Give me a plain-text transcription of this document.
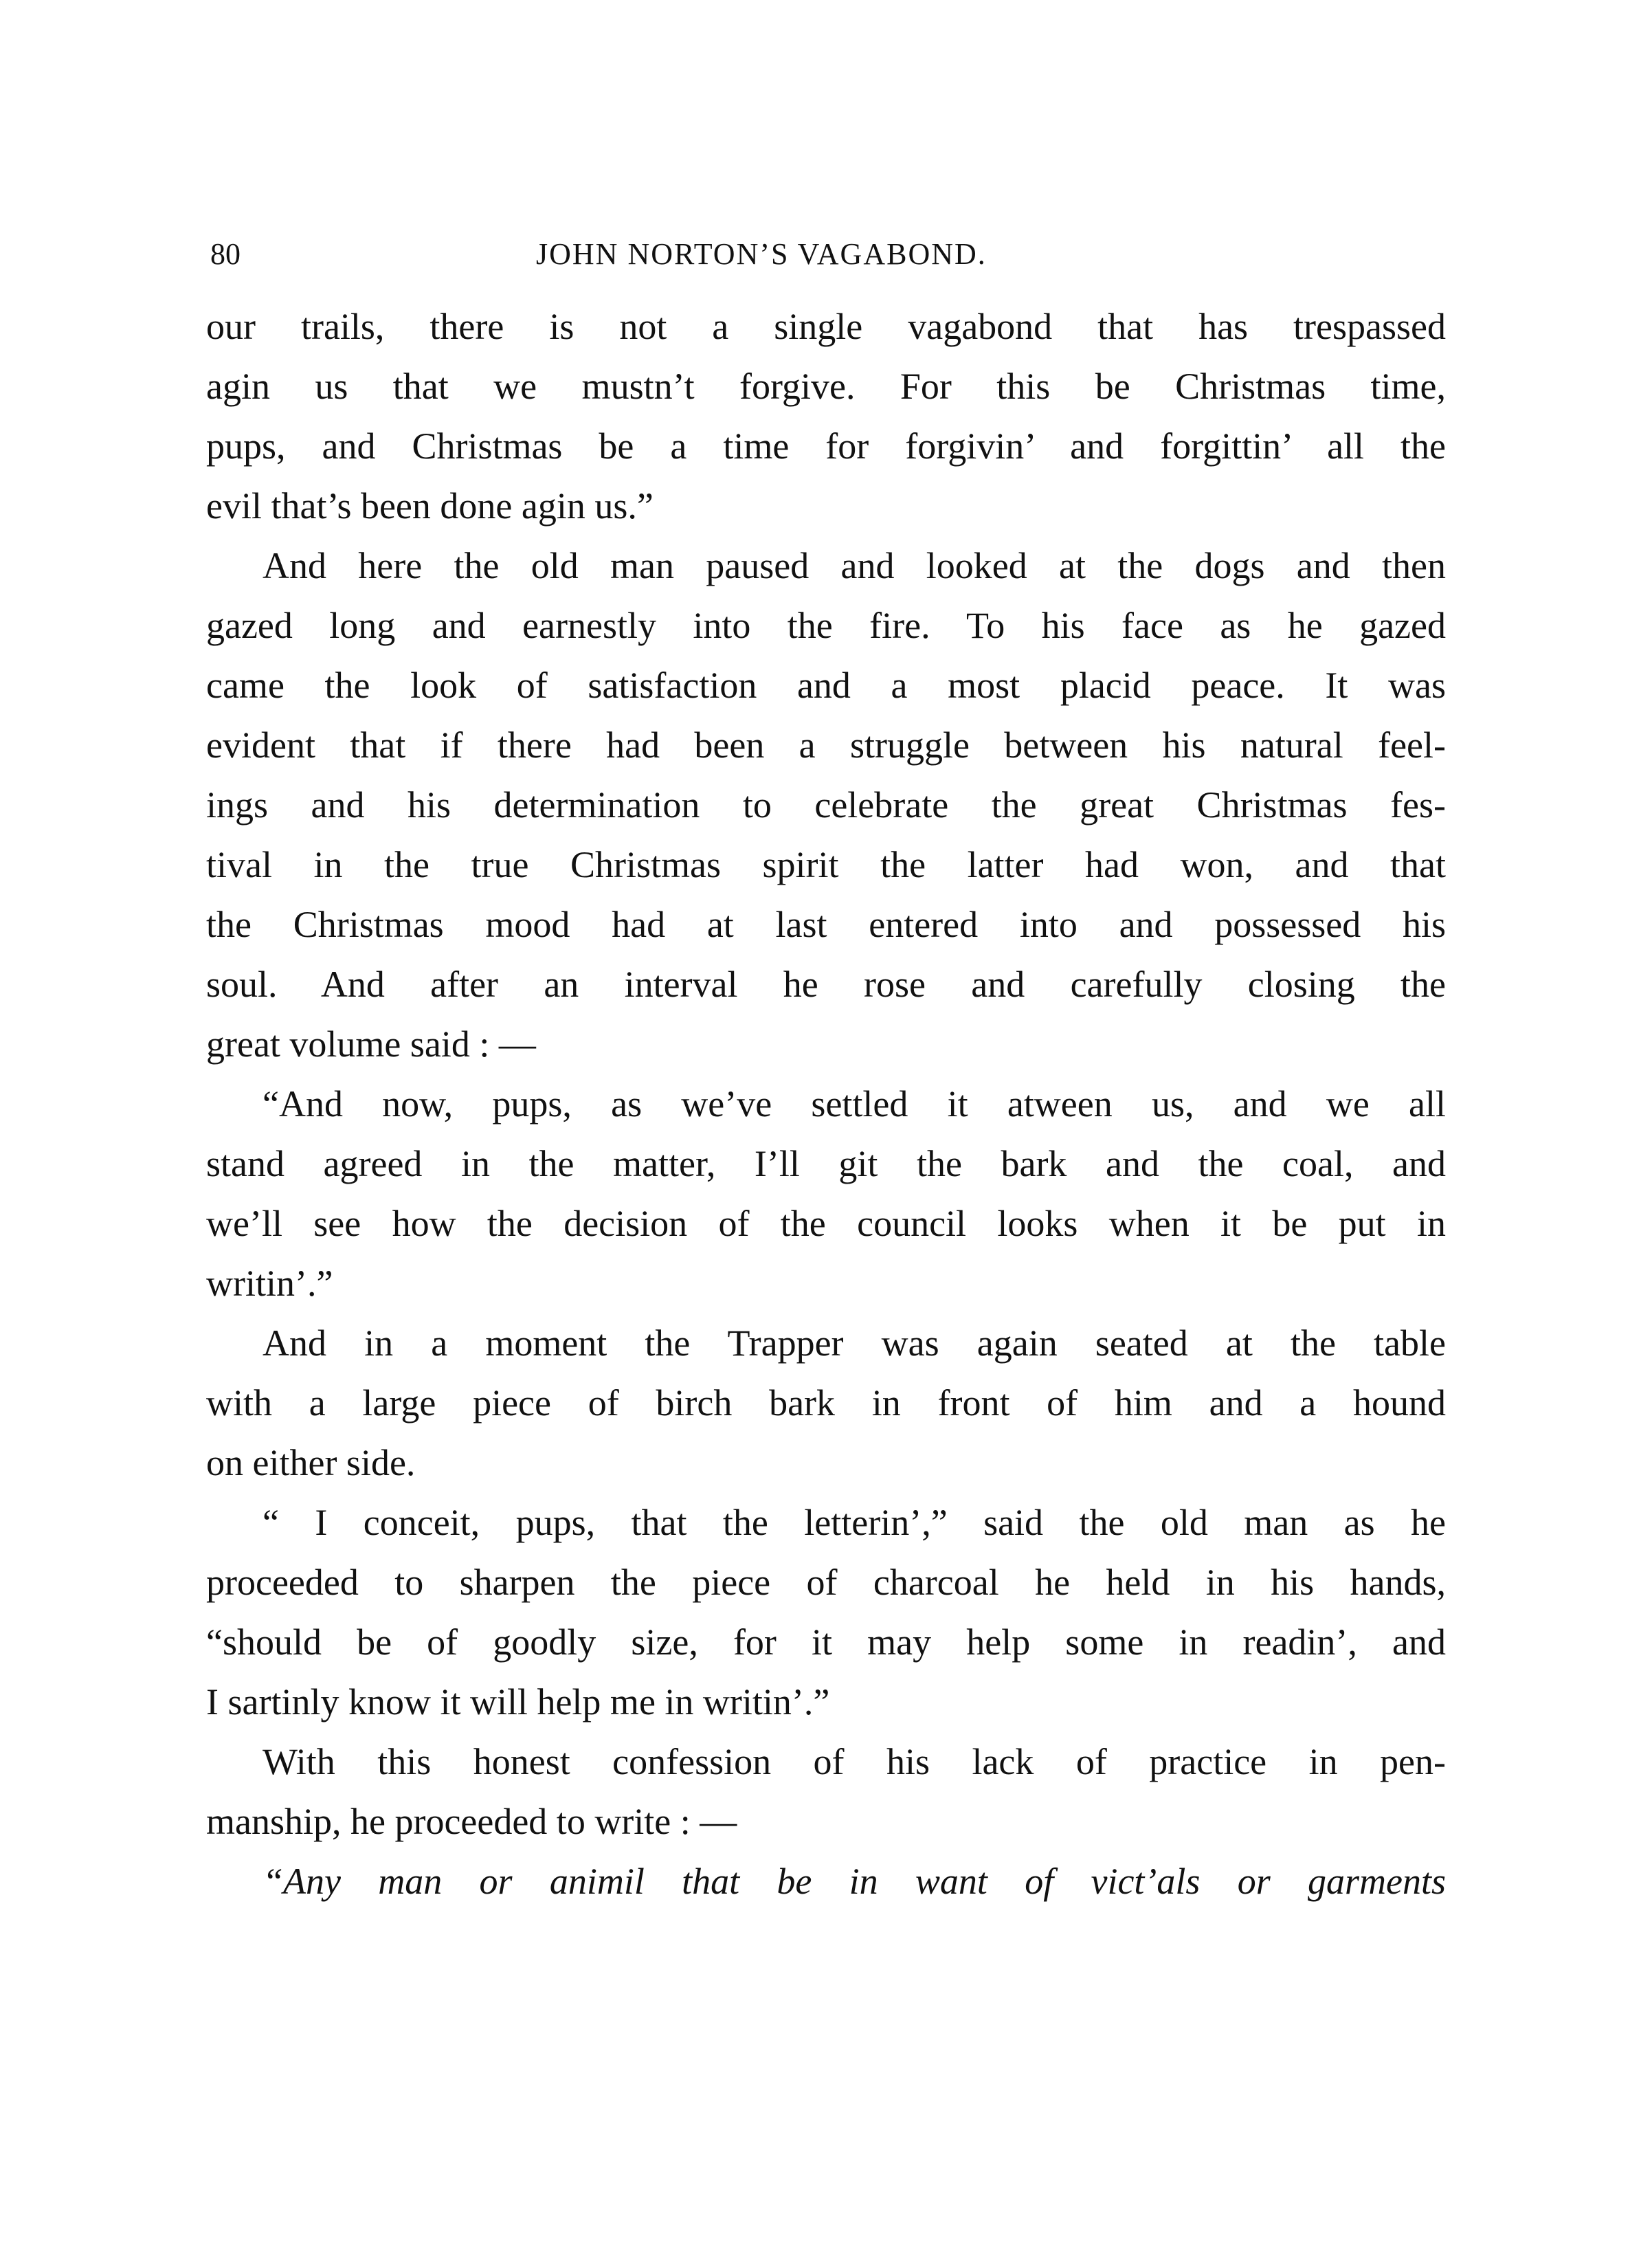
80	JOHN NORTON’S VAGABOND.
our trails, there is not a single vagabond that has trespassed
agin us that we mustn’t forgive. For this be Christmas time,
pups, and Christmas be a time for forgivin’ and forgittin’ all the
evil that’s been done agin us.”
And here the old man paused and looked at the dogs and then
gazed long and earnestly into the fire. To his face as he gazed
came the look of satisfaction and a most placid peace. It was
evident that if there had been a struggle between his natural feel-
ings and his determination to celebrate the great Christmas fes-
tival in the true Christmas spirit the latter had won, and that
the Christmas mood had at last entered into and possessed his
soul. And after an interval he rose and carefully closing the
great volume said : —
“And now, pups, as we’ve settled it atween us, and we all
stand agreed in the matter, I’ll git the bark and the coal, and
we’ll see how the decision of the council looks when it be put in
writin’.”
And in a moment the Trapper was again seated at the table
with a large piece of birch bark in front of him and a hound
on either side.
“ I conceit, pups, that the letterin’,” said the old man as he
proceeded to sharpen the piece of charcoal he held in his hands,
“should be of goodly size, for it may help some in readin’, and
I sartinly know it will help me in writin’.”
With this honest confession of his lack of practice in pen-
manship, he proceeded to write : —
“Any man or animil that be in want of vict’als or garments
